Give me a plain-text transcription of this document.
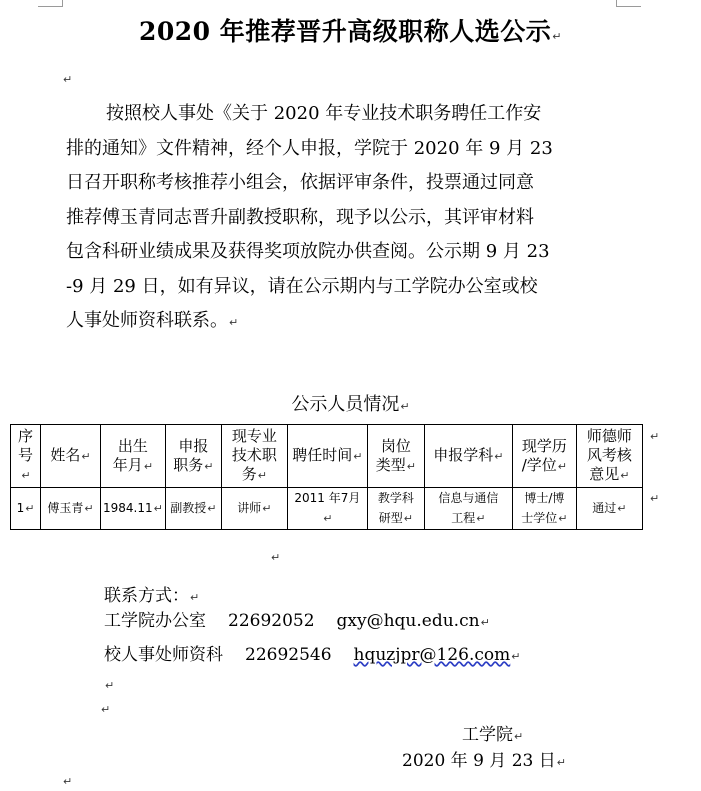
2020 年推荐晋升高级职称人选公示↵
↵
按照校人事处《关于 2020 年专业技术职务聘任工作安
排的通知》文件精神，经个人申报，学院于 2020 年 9 月 23
日召开职称考核推荐小组会，依据评审条件，投票通过同意
推荐傅玉青同志晋升副教授职称，现予以公示，其评审材料
包含科研业绩成果及获得奖项放院办供查阅。公示期 9 月 23
-9 月 29 日，如有异议，请在公示期内与工学院办公室或校
人事处师资科联系。↵
公示人员情况↵
序
号↵	姓名↵	出生
年月↵	申报
职务↵	现专业
技术职
务↵	聘任时间↵	岗位
类型↵	申报学科↵	现学历
/学位↵	师德师
风考核
意见↵
1↵	傅玉青↵	1984.11↵	副教授↵	讲师↵	2011 年7月↵	教学科
研型↵	信息与通信
工程↵	博士/博
士学位↵	通过↵
↵
↵
↵
联系方式：↵
工学院办公室 22692052 gxy@hqu.edu.cn↵
校人事处师资科 22692546 hquzjpr@126.com↵
↵
↵
工学院↵
2020 年 9 月 23 日↵
↵
